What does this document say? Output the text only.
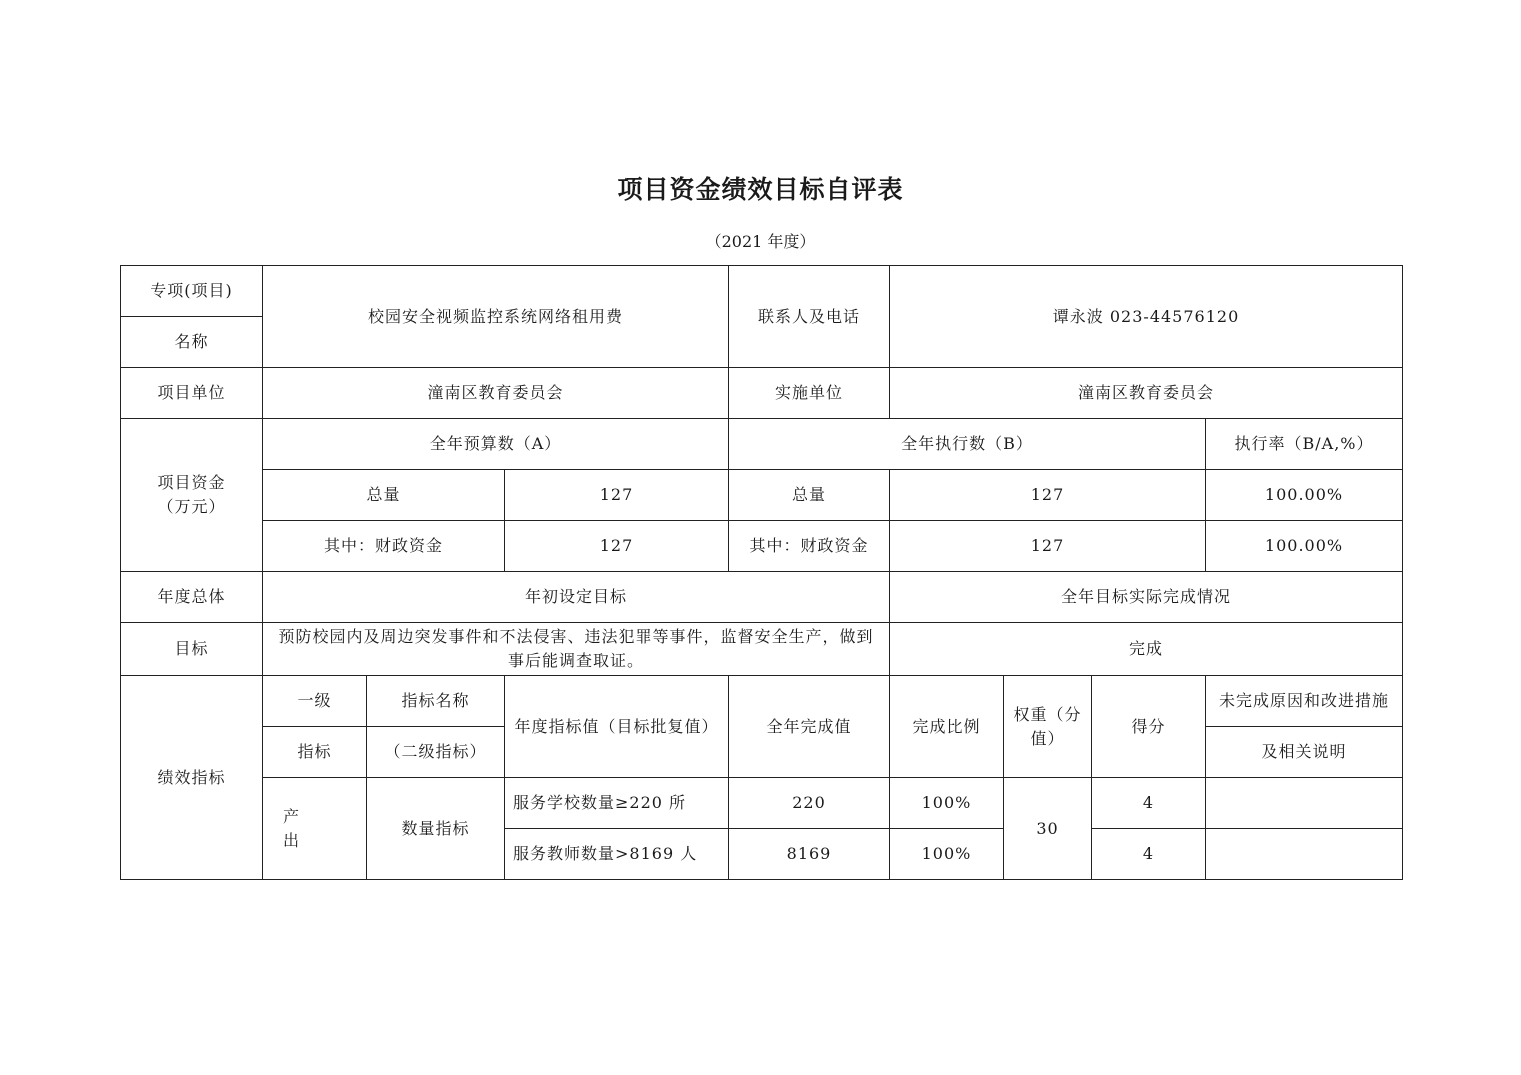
项目资金绩效目标自评表
（2021 年度）
专项(项目)	校园安全视频监控系统网络租用费			联系人及电话	谭永波 023-44576120			
名称								
项目单位	潼南区教育委员会			实施单位	潼南区教育委员会			

项目资金
（万元）	全年预算数（A）			全年执行数（B）				执行率（B/A,%）
	总量		127	总量	127			100.00%
	其中：财政资金		127	其中：财政资金	127			100.00%
年度总体	年初设定目标				全年目标实际完成情况			
目标	预防校园内及周边突发事件和不法侵害、违法犯罪等事件，监督安全生产，做到事后能调查取证。				完成			
绩效指标	一级	指标名称	年度指标值（目标批复值）	全年完成值	完成比例	权重（分值）	得分	未完成原因和改进措施
	指标	（二级指标）						及相关说明
	产出	数量指标	服务学校数量≥220 所	220	100%	30	4	
			服务教师数量>8169 人	8169	100%		4	
